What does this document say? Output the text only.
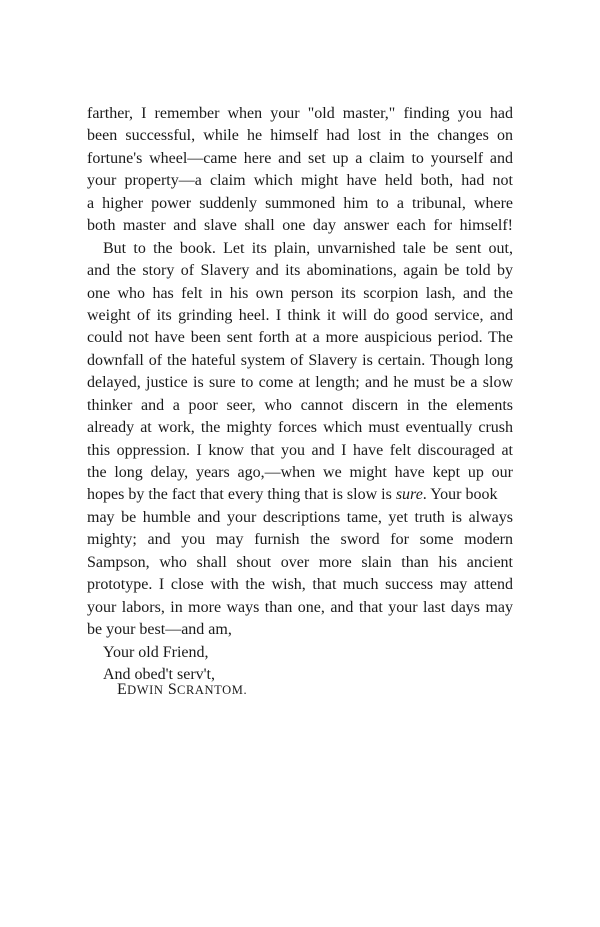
farther, I remember when your "old master," finding you had
been successful, while he himself had lost in the changes on
fortune's wheel—came here and set up a claim to yourself and
your property—a claim which might have held both, had not
a higher power suddenly summoned him to a tribunal, where
both master and slave shall one day answer each for himself!
But to the book. Let its plain, unvarnished tale be sent out,
and the story of Slavery and its abominations, again be told by
one who has felt in his own person its scorpion lash, and the
weight of its grinding heel. I think it will do good service, and
could not have been sent forth at a more auspicious period. The
downfall of the hateful system of Slavery is certain. Though long
delayed, justice is sure to come at length; and he must be a slow
thinker and a poor seer, who cannot discern in the elements
already at work, the mighty forces which must eventually crush
this oppression. I know that you and I have felt discouraged at
the long delay, years ago,—when we might have kept up our
hopes by the fact that every thing that is slow is sure. Your book
may be humble and your descriptions tame, yet truth is always
mighty; and you may furnish the sword for some modern
Sampson, who shall shout over more slain than his ancient
prototype. I close with the wish, that much success may attend
your labors, in more ways than one, and that your last days may
be your best—and am,
Your old Friend,
And obed't serv't,
EDWIN SCRANTOM.
